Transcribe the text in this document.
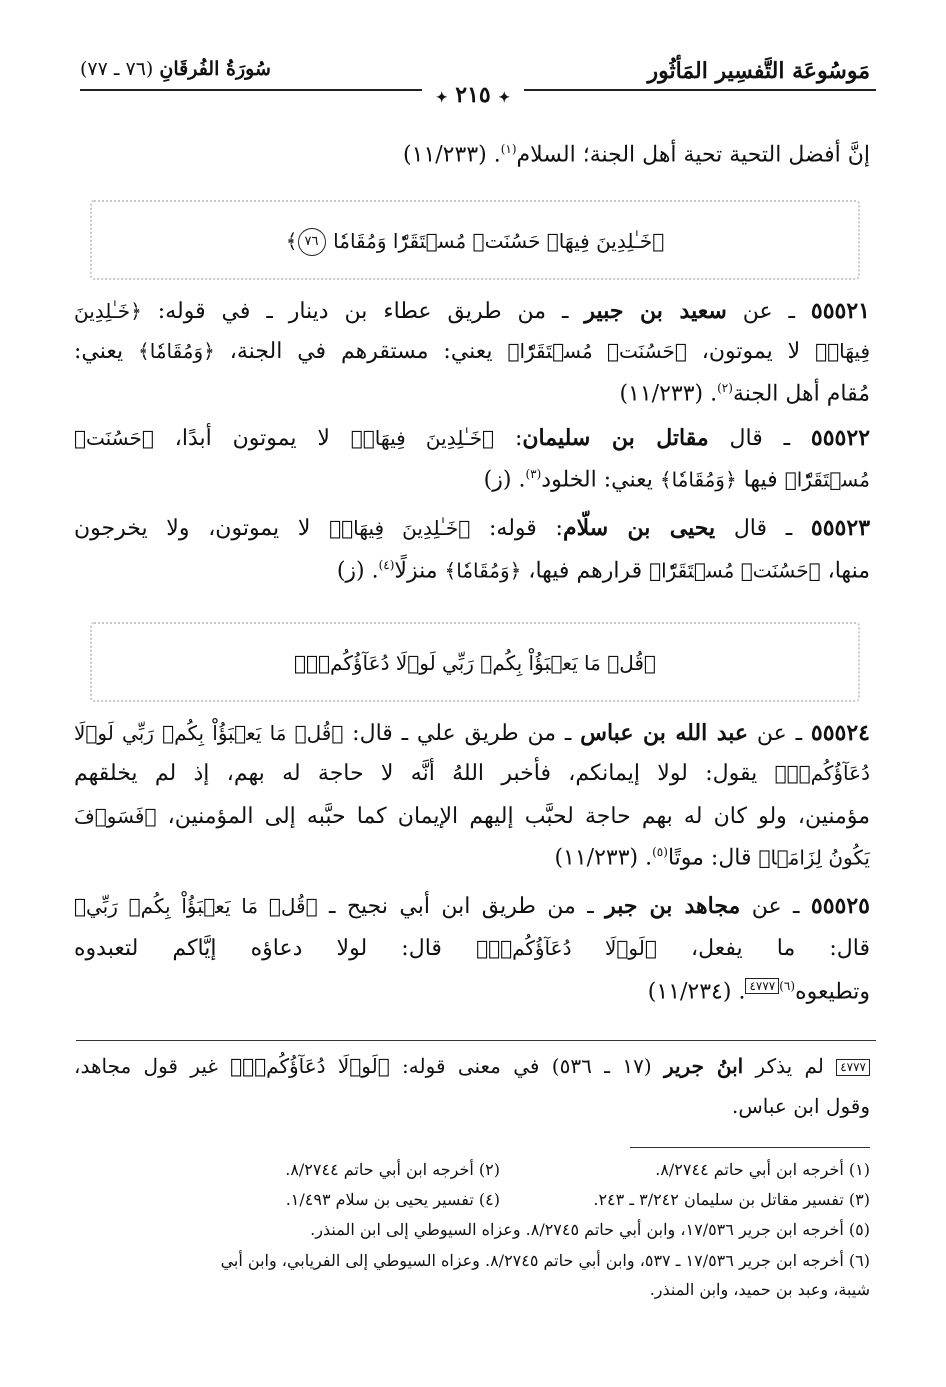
مَوسُوعَة التَّفسِير المَأثُور
سُورَةُ الفُرقَانِ (٧٦ ـ ٧٧)
✦ ٢١٥ ✦
إنَّ أفضل التحية تحية أهل الجنة؛ السلام$^{(١)}$. (١١/٢٣٣)
﴿خَـٰلِدِينَ فِيهَاۚ حَسُنَتۡ مُسۡتَقَرّٗا وَمُقَامٗا ٧٦﴾
٥٥٥٢١ ـ عن سعيد بن جبير ـ من طريق عطاء بن دينار ـ في قوله: ﴿خَـٰلِدِينَ
فِيهَاۚ﴾ لا يموتون، ﴿حَسُنَتۡ مُسۡتَقَرّٗا﴾ يعني: مستقرهم في الجنة، ﴿وَمُقَامٗا﴾ يعني:
مُقام أهل الجنة$^{(٢)}$. (١١/٢٣٣)
٥٥٥٢٢ ـ قال مقاتل بن سليمان: ﴿خَـٰلِدِينَ فِيهَاۚ﴾ لا يموتون أبدًا، ﴿حَسُنَتۡ
مُسۡتَقَرّٗا﴾ فيها ﴿وَمُقَامٗا﴾ يعني: الخلود$^{(٣)}$. (ز)
٥٥٥٢٣ ـ قال يحيى بن سلّام: قوله: ﴿خَـٰلِدِينَ فِيهَاۚ﴾ لا يموتون، ولا يخرجون
منها، ﴿حَسُنَتۡ مُسۡتَقَرّٗا﴾ قرارهم فيها، ﴿وَمُقَامٗا﴾ منزلًا$^{(٤)}$. (ز)
﴿قُلۡ مَا يَعۡبَؤُاْ بِكُمۡ رَبِّي لَوۡلَا دُعَآؤُكُمۡۖ﴾
٥٥٥٢٤ ـ عن عبد الله بن عباس ـ من طريق علي ـ قال: ﴿قُلۡ مَا يَعۡبَؤُاْ بِكُمۡ رَبِّي لَوۡلَا
دُعَآؤُكُمۡۖ﴾ يقول: لولا إيمانكم، فأخبر اللهُ أنَّه لا حاجة له بهم، إذ لم يخلقهم
مؤمنين، ولو كان له بهم حاجة لحبَّب إليهم الإيمان كما حبَّبه إلى المؤمنين، ﴿فَسَوۡفَ
يَكُونُ لِزَامَۢا﴾ قال: موتًا$^{(٥)}$. (١١/٢٣٣)
٥٥٥٢٥ ـ عن مجاهد بن جبر ـ من طريق ابن أبي نجيح ـ ﴿قُلۡ مَا يَعۡبَؤُاْ بِكُمۡ رَبِّي﴾
قال: ما يفعل، ﴿لَوۡلَا دُعَآؤُكُمۡۖ﴾ قال: لولا دعاؤه إيَّاكم لتعبدوه
وتطيعوه$^{(٦)}$٤٧٧٧. (١١/٢٣٤)
٤٧٧٧ لم يذكر ابنُ جرير (١٧ ـ ٥٣٦) في معنى قوله: ﴿لَوۡلَا دُعَآؤُكُمۡۖ﴾ غير قول مجاهد،
وقول ابن عباس.
(١) أخرجه ابن أبي حاتم ٨/٢٧٤٤.
(٢) أخرجه ابن أبي حاتم ٨/٢٧٤٤.
(٣) تفسير مقاتل بن سليمان ٣/٢٤٢ ـ ٢٤٣.
(٤) تفسير يحيى بن سلام ١/٤٩٣.
(٥) أخرجه ابن جرير ١٧/٥٣٦، وابن أبي حاتم ٨/٢٧٤٥. وعزاه السيوطي إلى ابن المنذر.
(٦) أخرجه ابن جرير ١٧/٥٣٦ ـ ٥٣٧، وابن أبي حاتم ٨/٢٧٤٥. وعزاه السيوطي إلى الفريابي، وابن أبي
شيبة، وعبد بن حميد، وابن المنذر.
